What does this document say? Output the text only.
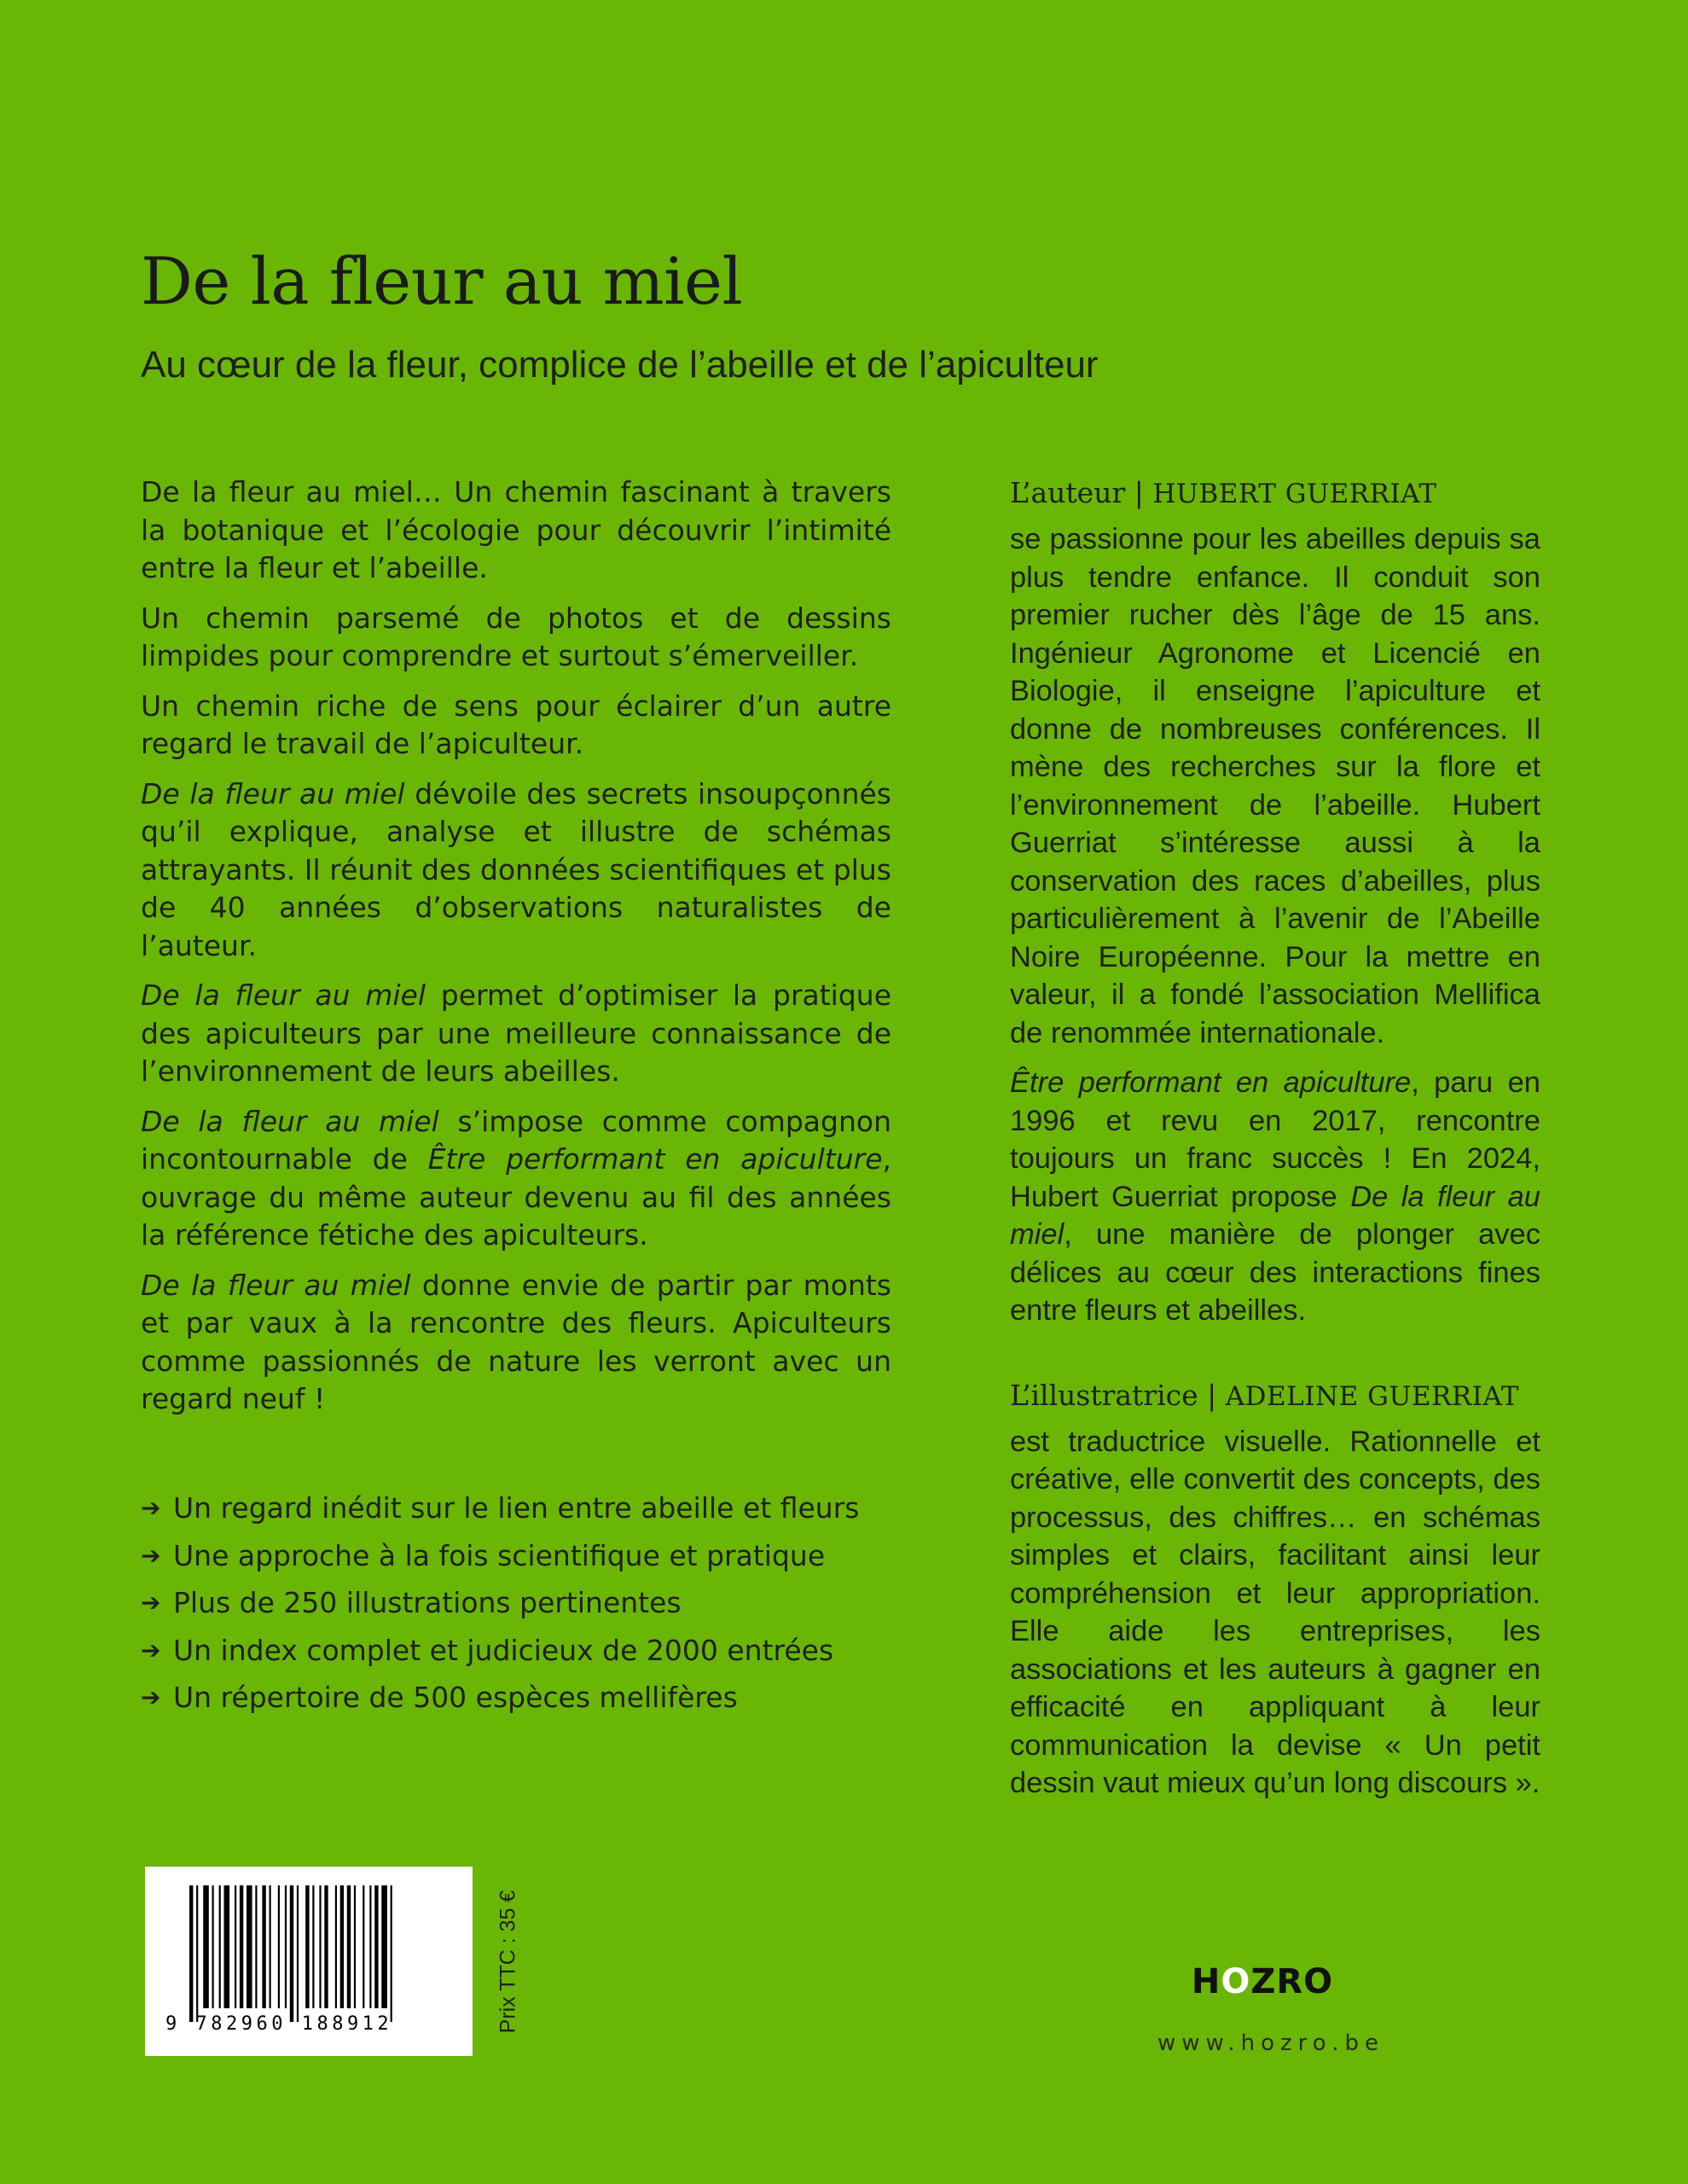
De la fleur au miel

Au cœur de la fleur, complice de l’abeille et de l’apiculteur

De la fleur au miel… Un chemin fascinant à travers la botanique et l’écologie pour découvrir l’intimité entre la fleur et l’abeille.

Un chemin parsemé de photos et de dessins limpides pour comprendre et surtout s’émerveiller.

Un chemin riche de sens pour éclairer d’un autre regard le travail de l’apiculteur.

De la fleur au miel dévoile des secrets insoupçonnés qu’il explique, analyse et illustre de schémas attrayants. Il réunit des données scientifiques et plus de 40 années d’observations naturalistes de l’auteur.

De la fleur au miel permet d’optimiser la pratique des apiculteurs par une meilleure connaissance de l’environnement de leurs abeilles.

De la fleur au miel s’impose comme compagnon incontournable de Être performant en apiculture, ouvrage du même auteur devenu au fil des années la référence fétiche des apiculteurs.

De la fleur au miel donne envie de partir par monts et par vaux à la rencontre des fleurs. Apiculteurs comme passionnés de nature les verront avec un regard neuf !

➔ Un regard inédit sur le lien entre abeille et fleurs
➔ Une approche à la fois scientifique et pratique
➔ Plus de 250 illustrations pertinentes
➔ Un index complet et judicieux de 2000 entrées
➔ Un répertoire de 500 espèces mellifères
L’auteur | HUBERT GUERRIAT

se passionne pour les abeilles depuis sa plus tendre enfance. Il conduit son premier rucher dès l’âge de 15 ans. Ingénieur Agronome et Licencié en Biologie, il enseigne l’apiculture et donne de nombreuses conférences. Il mène des recherches sur la flore et l’environnement de l’abeille. Hubert Guerriat s’intéresse aussi à la conservation des races d’abeilles, plus particulièrement à l’avenir de l’Abeille Noire Européenne. Pour la mettre en valeur, il a fondé l’association Mellifica de renommée internationale.

Être performant en apiculture, paru en 1996 et revu en 2017, rencontre toujours un franc succès ! En 2024, Hubert Guerriat propose De la fleur au miel, une manière de plonger avec délices au cœur des interactions fines entre fleurs et abeilles.

L’illustratrice | ADELINE GUERRIAT

est traductrice visuelle. Rationnelle et créative, elle convertit des concepts, des processus, des chiffres… en schémas simples et clairs, facilitant ainsi leur compréhension et leur appropriation. Elle aide les entreprises, les associations et les auteurs à gagner en efficacité en appliquant à leur communication la devise « Un petit dessin vaut mieux qu’un long discours ».

9 782960 188912	Prix TTC : 35 €	HOZRO
www.hozro.be
